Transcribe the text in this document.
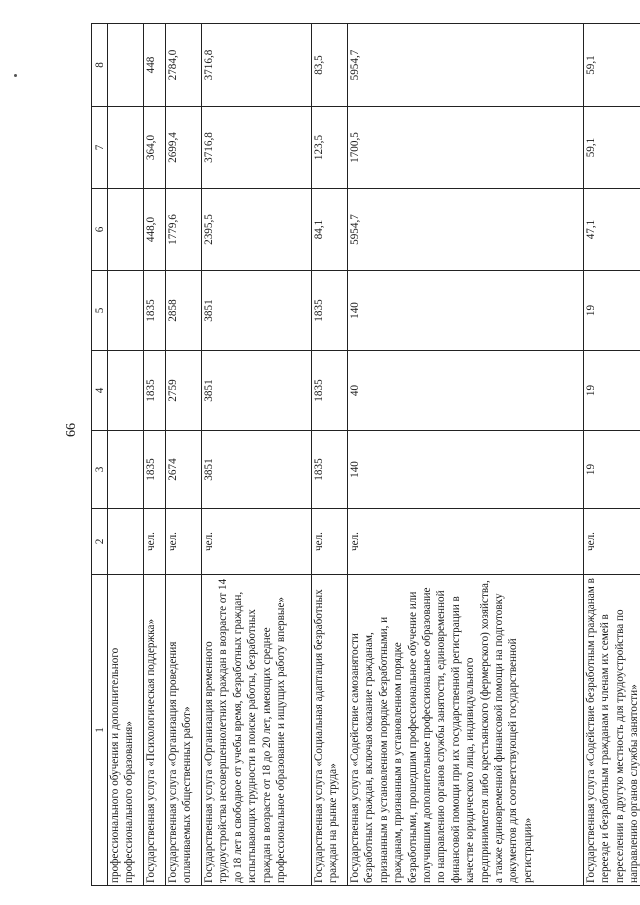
66
1	2	3	4	5	6	7	8
профессионального обучения и дополнительного профессионального образования»							
Государственная услуга «Психологическая поддержка»	чел.	1835	1835	1835	448,0	364,0	448
Государственная услуга «Организация проведения оплачиваемых общественных работ»	чел.	2674	2759	2858	1779,6	2699,4	2784,0
Государственная услуга «Организация временного трудоустройства несовершеннолетних граждан в возрасте от 14 до 18 лет в свободное от учебы время, безработных граждан, испытывающих трудности в поиске работы, безработных граждан в возрасте от 18 до 20 лет, имеющих среднее профессиональное образование и ищущих работу впервые»	чел.	3851	3851	3851	2395,5	3716,8	3716,8
Государственная услуга «Социальная адаптация безработных граждан на рынке труда»	чел.	1835	1835	1835	84,1	123,5	83,5
Государственная услуга «Содействие самозанятости безработных граждан, включая оказание гражданам, признанным в установленном порядке безработными, и гражданам, признанным в установленном порядке безработными, прошедшим профессиональное обучение или получившим дополнительное профессиональное образование по направлению органов службы занятости, единовременной финансовой помощи при их государственной регистрации в качестве юридического лица, индивидуального предпринимателя либо крестьянского (фермерского) хозяйства, а также единовременной финансовой помощи на подготовку документов для соответствующей государственной регистрации»	чел.	140	40	140	5954,7	1700,5	5954,7
Государственная услуга «Содействие безработным гражданам в переезде и безработным гражданам и членам их семей в переселении в другую местность для трудоустройства по направлению органов службы занятости»	чел.	19	19	19	47,1	59,1	59,1
